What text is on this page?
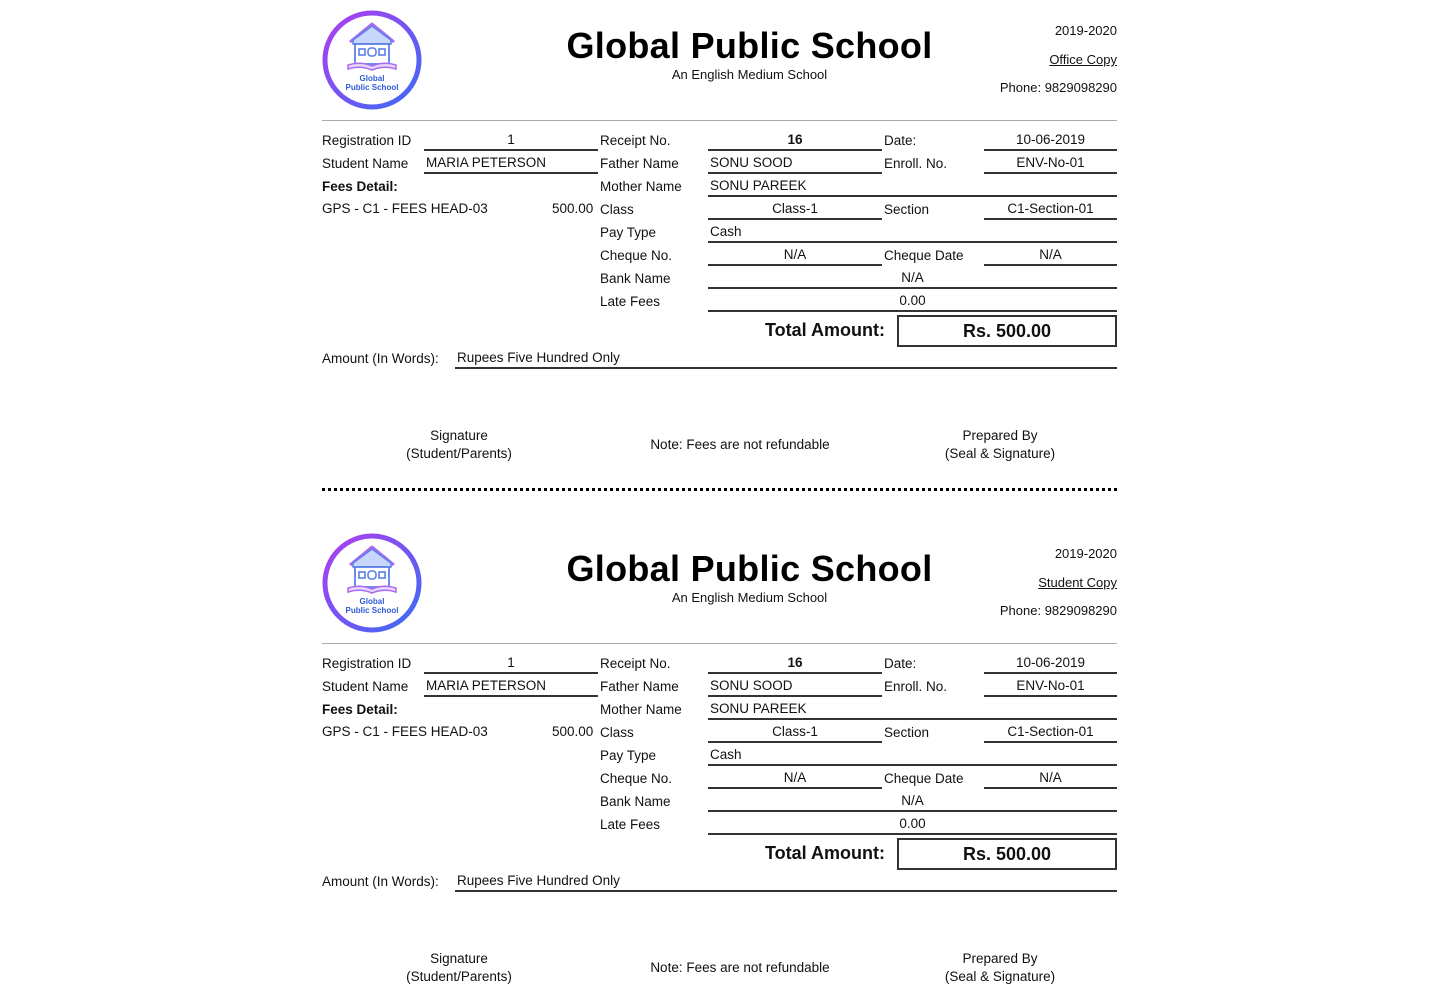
Global
Public School
Global Public School
An English Medium School
2019-2020
Office Copy
Phone: 9829098290
Registration ID	1
Student Name MARIA PETERSON
Fees Detail:
GPS - C1 - FEES HEAD-03	500.00
Receipt No.	16
Father Name SONU SOOD
Mother Name SONU PAREEK
Class	Class-1
Pay Type	Cash
Cheque No.	N/A
Bank Name	N/A
Late Fees	0.00
Date:	10-06-2019
Enroll. No.	ENV-No-01
Section	C1-Section-01
Cheque Date	N/A
Total Amount:	Rs. 500.00
Amount (In Words): Rupees Five Hundred Only
Signature
(Student/Parents)
Note: Fees are not refundable
Prepared By
(Seal & Signature)
Global
Public School
Global Public School
An English Medium School
2019-2020
Student Copy
Phone: 9829098290
Registration ID	1
Student Name MARIA PETERSON
Fees Detail:
GPS - C1 - FEES HEAD-03	500.00
Receipt No.	16
Father Name SONU SOOD
Mother Name SONU PAREEK
Class	Class-1
Pay Type	Cash
Cheque No.	N/A
Bank Name	N/A
Late Fees	0.00
Date:	10-06-2019
Enroll. No.	ENV-No-01
Section	C1-Section-01
Cheque Date	N/A
Total Amount:	Rs. 500.00
Amount (In Words): Rupees Five Hundred Only
Signature
(Student/Parents)
Note: Fees are not refundable
Prepared By
(Seal & Signature)
